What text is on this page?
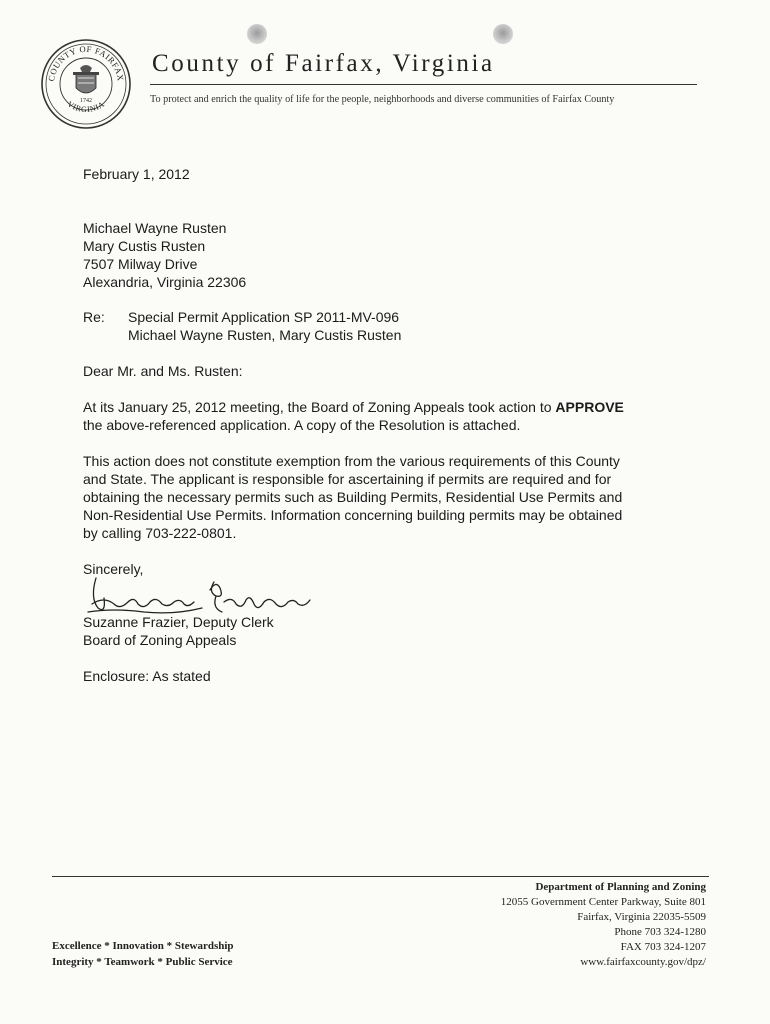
COUNTY OF FAIRFAX
VIRGINIA
1742
County of Fairfax, Virginia
To protect and enrich the quality of life for the people, neighborhoods and diverse communities of Fairfax County
February 1, 2012
Michael Wayne Rusten
Mary Custis Rusten
7507 Milway Drive
Alexandria, Virginia 22306
Re: Special Permit Application SP 2011-MV-096
Michael Wayne Rusten, Mary Custis Rusten
Dear Mr. and Ms. Rusten:
At its January 25, 2012 meeting, the Board of Zoning Appeals took action to APPROVE
the above-referenced application. A copy of the Resolution is attached.
This action does not constitute exemption from the various requirements of this County
and State. The applicant is responsible for ascertaining if permits are required and for
obtaining the necessary permits such as Building Permits, Residential Use Permits and
Non-Residential Use Permits. Information concerning building permits may be obtained
by calling 703-222-0801.
Sincerely,
Suzanne Frazier, Deputy Clerk
Board of Zoning Appeals
Enclosure: As stated
Excellence * Innovation * Stewardship
Integrity * Teamwork * Public Service
Department of Planning and Zoning
12055 Government Center Parkway, Suite 801
Fairfax, Virginia 22035-5509
Phone 703 324-1280
FAX 703 324-1207
www.fairfaxcounty.gov/dpz/
